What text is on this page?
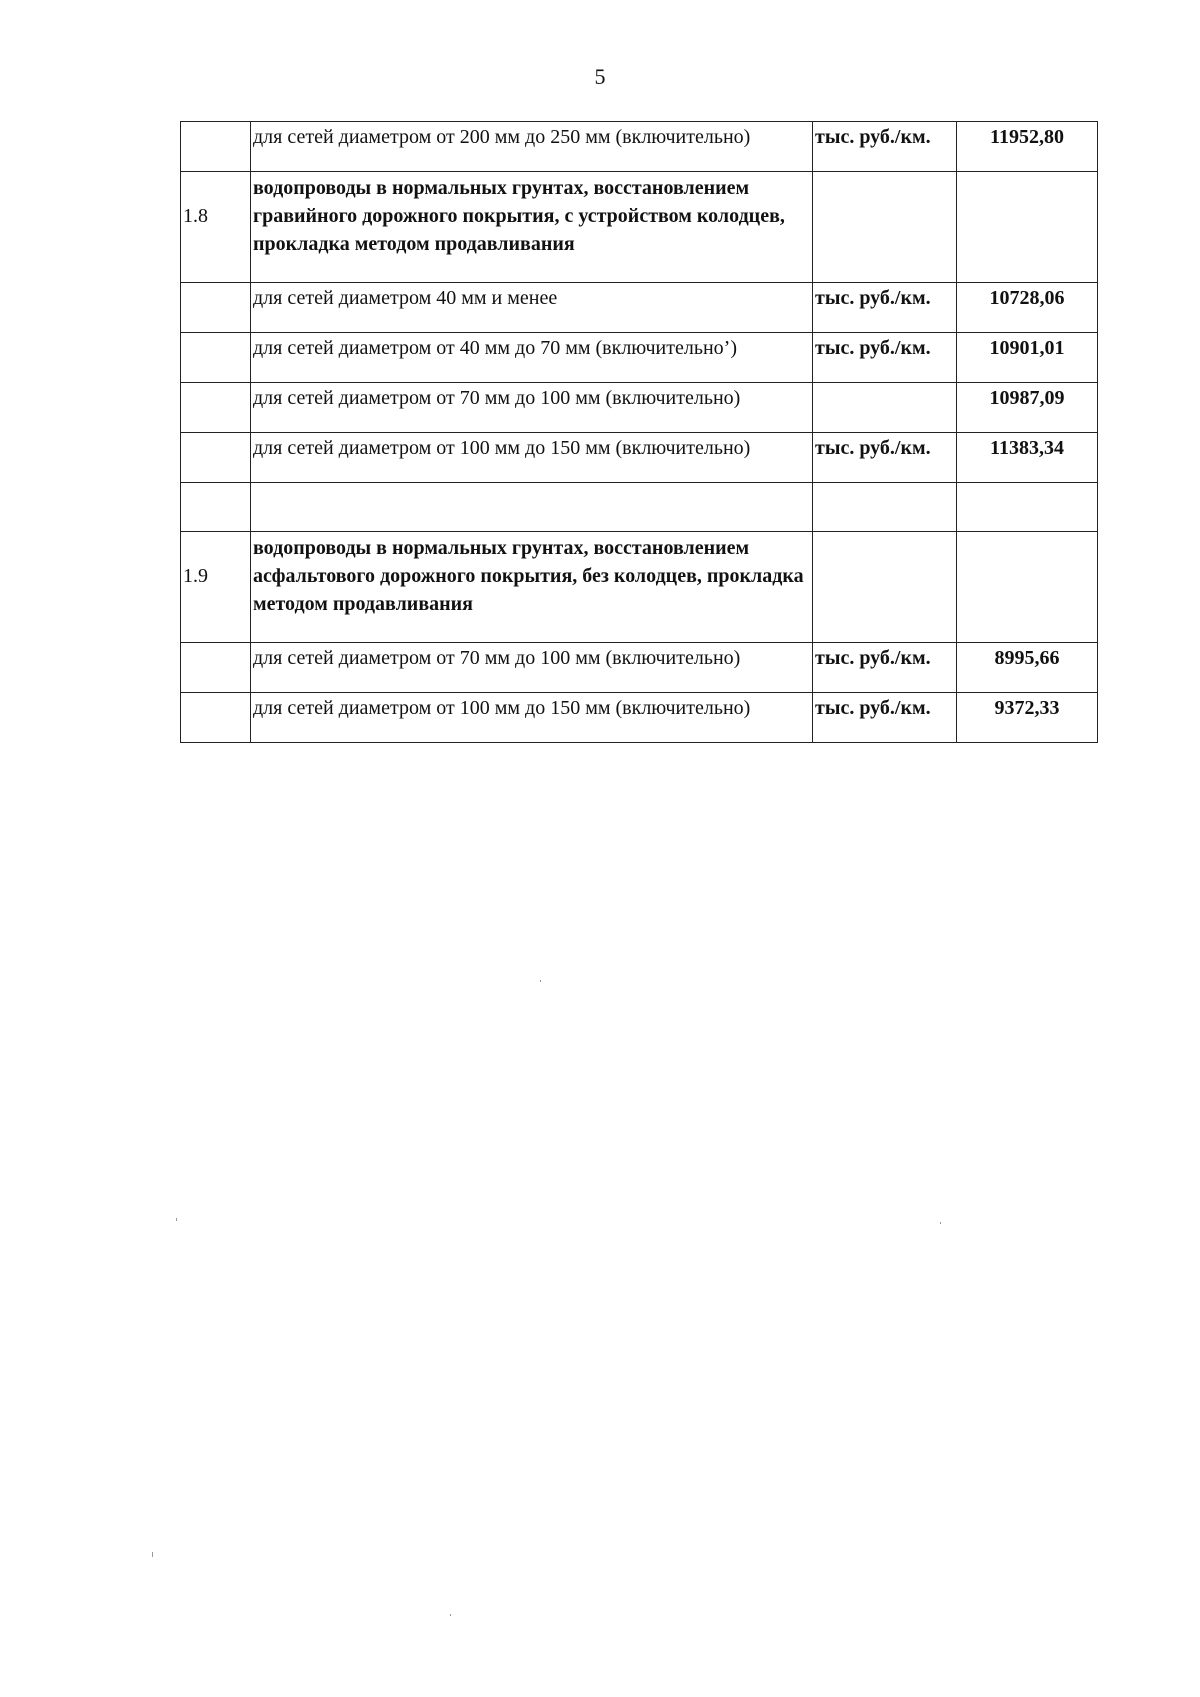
5
	для сетей диаметром от 200 мм до 250 мм (включительно)	тыс. руб./км.	11952,80
1.8	водопроводы в нормальных грунтах, восстановлением гравийного дорожного покрытия, с устройством колодцев, прокладка методом продавливания		
	для сетей диаметром 40 мм и менее	тыс. руб./км.	10728,06
	для сетей диаметром от 40 мм до 70 мм (включительно’)	тыс. руб./км.	10901,01
	для сетей диаметром от 70 мм до 100 мм (включительно)		10987,09
	для сетей диаметром от 100 мм до 150 мм (включительно)	тыс. руб./км.	11383,34

1.9	водопроводы в нормальных грунтах, восстановлением асфальтового дорожного покрытия, без колодцев, прокладка методом продавливания		
	для сетей диаметром от 70 мм до 100 мм (включительно)	тыс. руб./км.	8995,66
	для сетей диаметром от 100 мм до 150 мм (включительно)	тыс. руб./км.	9372,33
